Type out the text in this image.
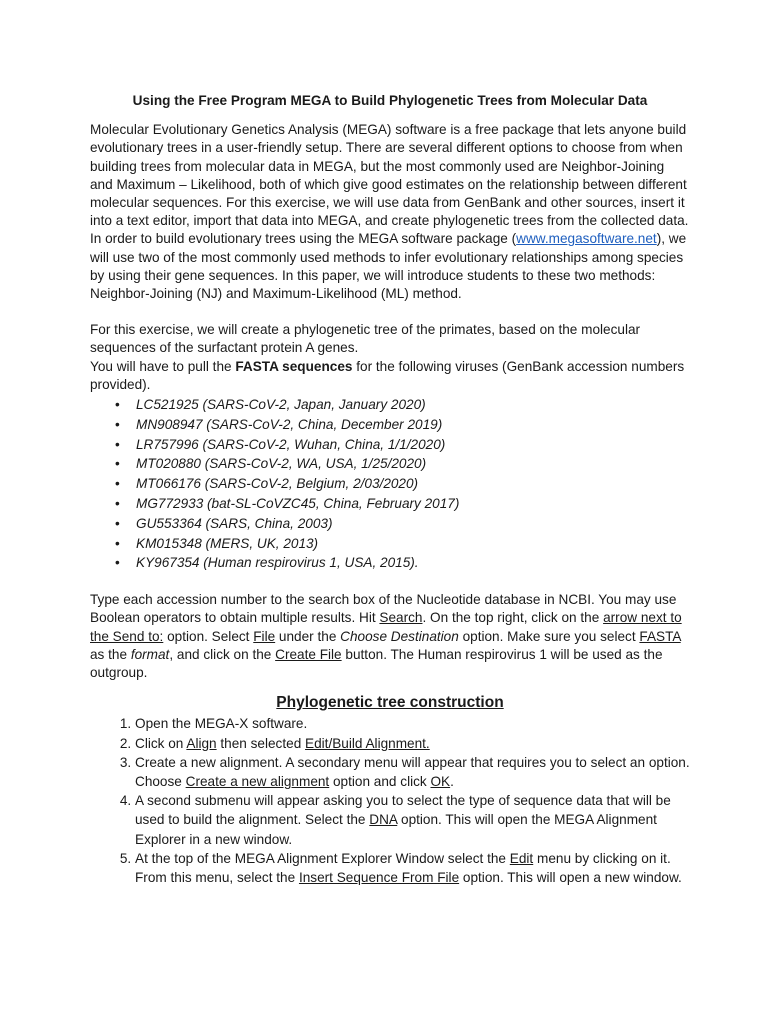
Using the Free Program MEGA to Build Phylogenetic Trees from Molecular Data

Molecular Evolutionary Genetics Analysis (MEGA) software is a free package that lets anyone build evolutionary trees in a user-friendly setup. There are several different options to choose from when building trees from molecular data in MEGA, but the most commonly used are Neighbor-Joining and Maximum – Likelihood, both of which give good estimates on the relationship between different molecular sequences. For this exercise, we will use data from GenBank and other sources, insert it into a text editor, import that data into MEGA, and create phylogenetic trees from the collected data.

In order to build evolutionary trees using the MEGA software package (www.megasoftware.net), we will use two of the most commonly used methods to infer evolutionary relationships among species by using their gene sequences. In this paper, we will introduce students to these two methods: Neighbor-Joining (NJ) and Maximum-Likelihood (ML) method.

For this exercise, we will create a phylogenetic tree of the primates, based on the molecular sequences of the surfactant protein A genes.

You will have to pull the FASTA sequences for the following viruses (GenBank accession numbers provided).

• LC521925 (SARS-CoV-2, Japan, January 2020)
• MN908947 (SARS-CoV-2, China, December 2019)
• LR757996 (SARS-CoV-2, Wuhan, China, 1/1/2020)
• MT020880 (SARS-CoV-2, WA, USA, 1/25/2020)
• MT066176 (SARS-CoV-2, Belgium, 2/03/2020)
• MG772933 (bat-SL-CoVZC45, China, February 2017)
• GU553364 (SARS, China, 2003)
• KM015348 (MERS, UK, 2013)
• KY967354 (Human respirovirus 1, USA, 2015).

Type each accession number to the search box of the Nucleotide database in NCBI. You may use Boolean operators to obtain multiple results. Hit Search. On the top right, click on the arrow next to the Send to: option. Select File under the Choose Destination option. Make sure you select FASTA as the format, and click on the Create File button. The Human respirovirus 1 will be used as the outgroup.

Phylogenetic tree construction
1. Open the MEGA-X software.
2. Click on Align then selected Edit/Build Alignment.
3. Create a new alignment. A secondary menu will appear that requires you to select an option. Choose Create a new alignment option and click OK.
4. A second submenu will appear asking you to select the type of sequence data that will be used to build the alignment. Select the DNA option. This will open the MEGA Alignment Explorer in a new window.
5. At the top of the MEGA Alignment Explorer Window select the Edit menu by clicking on it. From this menu, select the Insert Sequence From File option. This will open a new window.
